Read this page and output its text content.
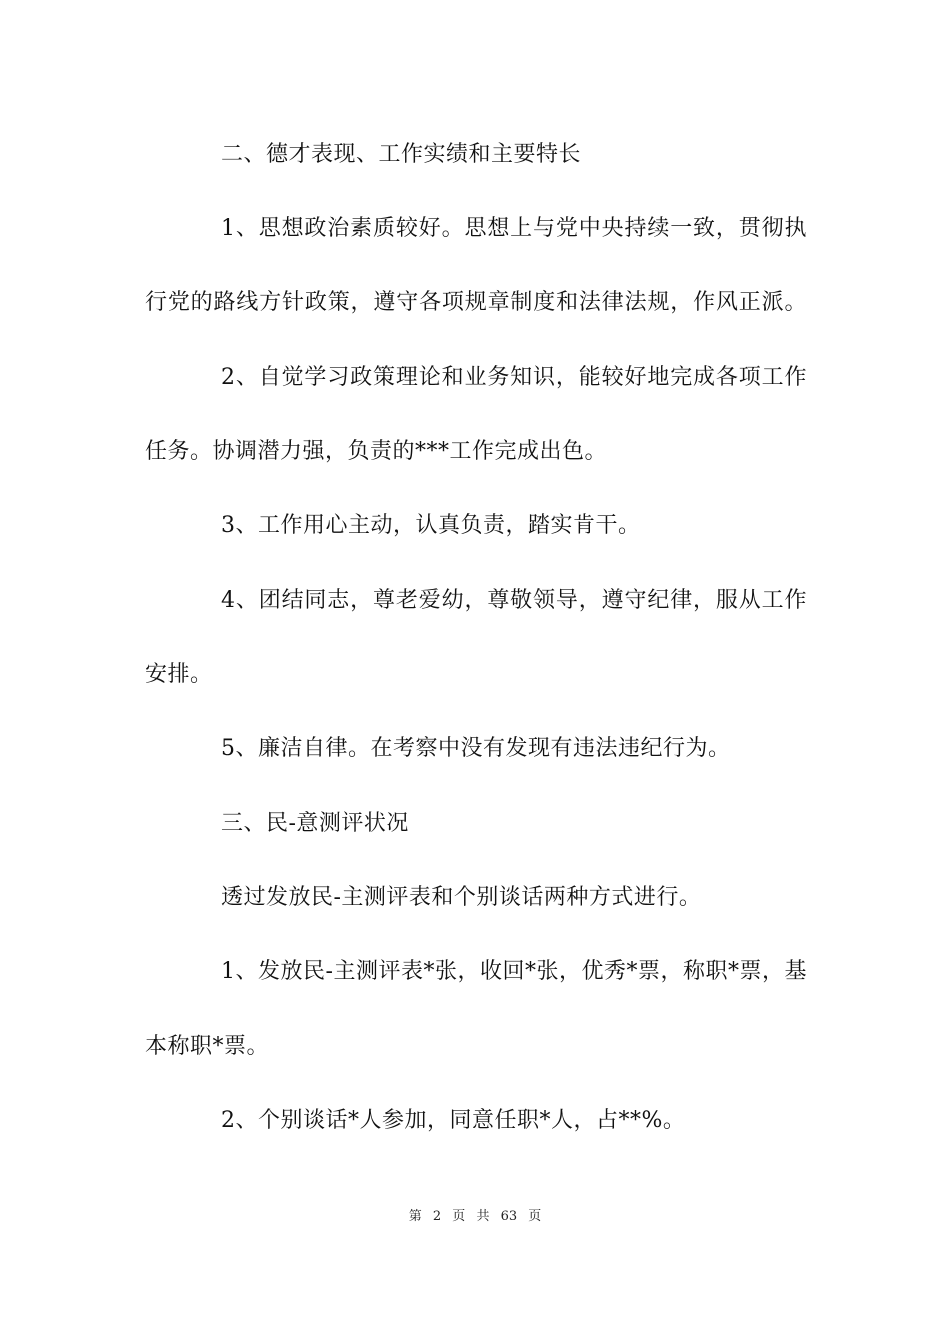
二、德才表现、工作实绩和主要特长
1、思想政治素质较好。思想上与党中央持续一致，贯彻执
行党的路线方针政策，遵守各项规章制度和法律法规，作风正派。
2、自觉学习政策理论和业务知识，能较好地完成各项工作
任务。协调潜力强，负责的***工作完成出色。
3、工作用心主动，认真负责，踏实肯干。
4、团结同志，尊老爱幼，尊敬领导，遵守纪律，服从工作
安排。
5、廉洁自律。在考察中没有发现有违法违纪行为。
三、民-意测评状况
透过发放民-主测评表和个别谈话两种方式进行。
1、发放民-主测评表*张，收回*张，优秀*票，称职*票，基
本称职*票。
2、个别谈话*人参加，同意任职*人，占**%。
第 2 页 共 63 页
